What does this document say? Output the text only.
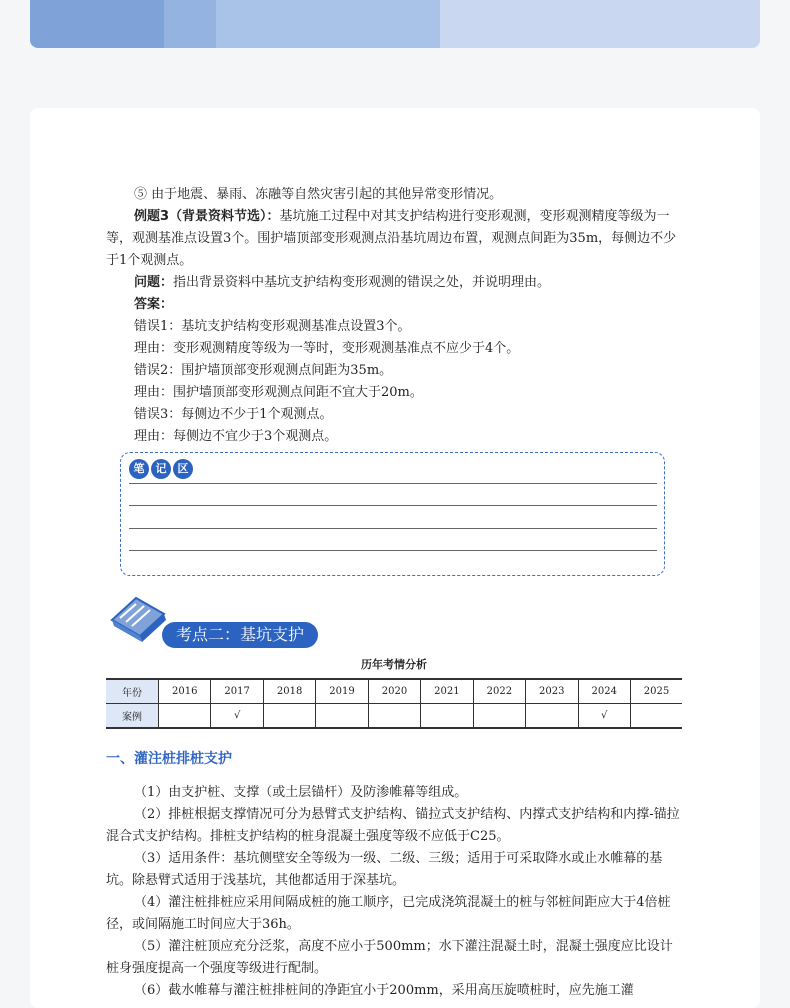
⑤ 由于地震、暴雨、冻融等自然灾害引起的其他异常变形情况。

例题3（背景资料节选）：基坑施工过程中对其支护结构进行变形观测，变形观测精度等级为一等，观测基准点设置3个。围护墙顶部变形观测点沿基坑周边布置，观测点间距为35m，每侧边不少于1个观测点。

问题：指出背景资料中基坑支护结构变形观测的错误之处，并说明理由。

答案：

错误1：基坑支护结构变形观测基准点设置3个。

理由：变形观测精度等级为一等时，变形观测基准点不应少于4个。

错误2：围护墙顶部变形观测点间距为35m。

理由：围护墙顶部变形观测点间距不宜大于20m。

错误3：每侧边不少于1个观测点。

理由：每侧边不宜少于3个观测点。

笔	记	区
考点二：基坑支护
历年考情分析
年份	2016	2017	2018	2019	2020	2021	2022	2023	2024	2025
案例		√							√	
一、灌注桩排桩支护

（1）由支护桩、支撑（或土层锚杆）及防渗帷幕等组成。

（2）排桩根据支撑情况可分为悬臂式支护结构、锚拉式支护结构、内撑式支护结构和内撑-锚拉混合式支护结构。排桩支护结构的桩身混凝土强度等级不应低于C25。

（3）适用条件：基坑侧壁安全等级为一级、二级、三级；适用于可采取降水或止水帷幕的基坑。除悬臂式适用于浅基坑，其他都适用于深基坑。

（4）灌注桩排桩应采用间隔成桩的施工顺序，已完成浇筑混凝土的桩与邻桩间距应大于4倍桩径，或间隔施工时间应大于36h。

（5）灌注桩顶应充分泛浆，高度不应小于500mm；水下灌注混凝土时，混凝土强度应比设计桩身强度提高一个强度等级进行配制。

（6）截水帷幕与灌注桩排桩间的净距宜小于200mm，采用高压旋喷桩时，应先施工灌
